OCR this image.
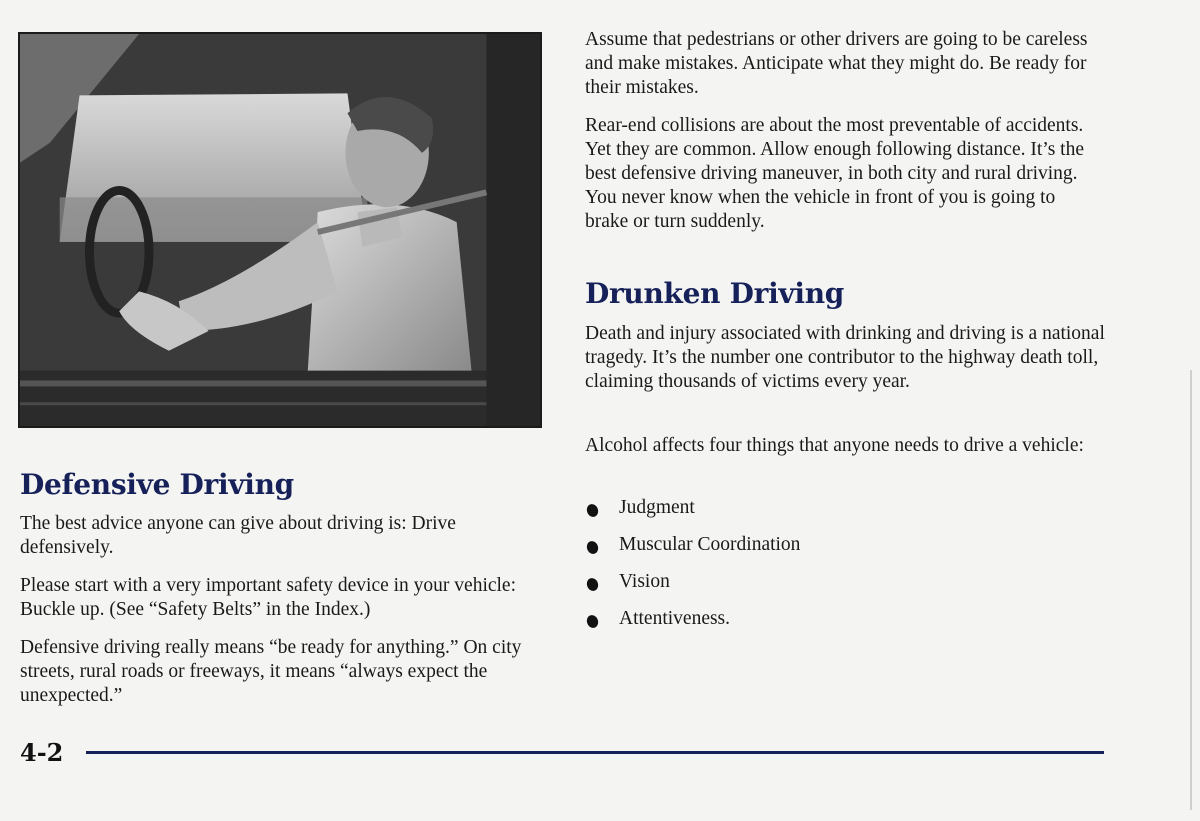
Defensive Driving

The best advice anyone can give about driving is: Drive defensively.

Please start with a very important safety device in your vehicle: Buckle up. (See “Safety Belts” in the Index.)

Defensive driving really means “be ready for anything.” On city streets, rural roads or freeways, it means “always expect the unexpected.”

Assume that pedestrians or other drivers are going to be careless and make mistakes. Anticipate what they might do. Be ready for their mistakes.

Rear-end collisions are about the most preventable of accidents. Yet they are common. Allow enough following distance. It’s the best defensive driving maneuver, in both city and rural driving. You never know when the vehicle in front of you is going to brake or turn suddenly.

Drunken Driving

Death and injury associated with drinking and driving is a national tragedy. It’s the number one contributor to the highway death toll, claiming thousands of victims every year.

Alcohol affects four things that anyone needs to drive a vehicle:

Judgment
Muscular Coordination
Vision
Attentiveness.
4-2
